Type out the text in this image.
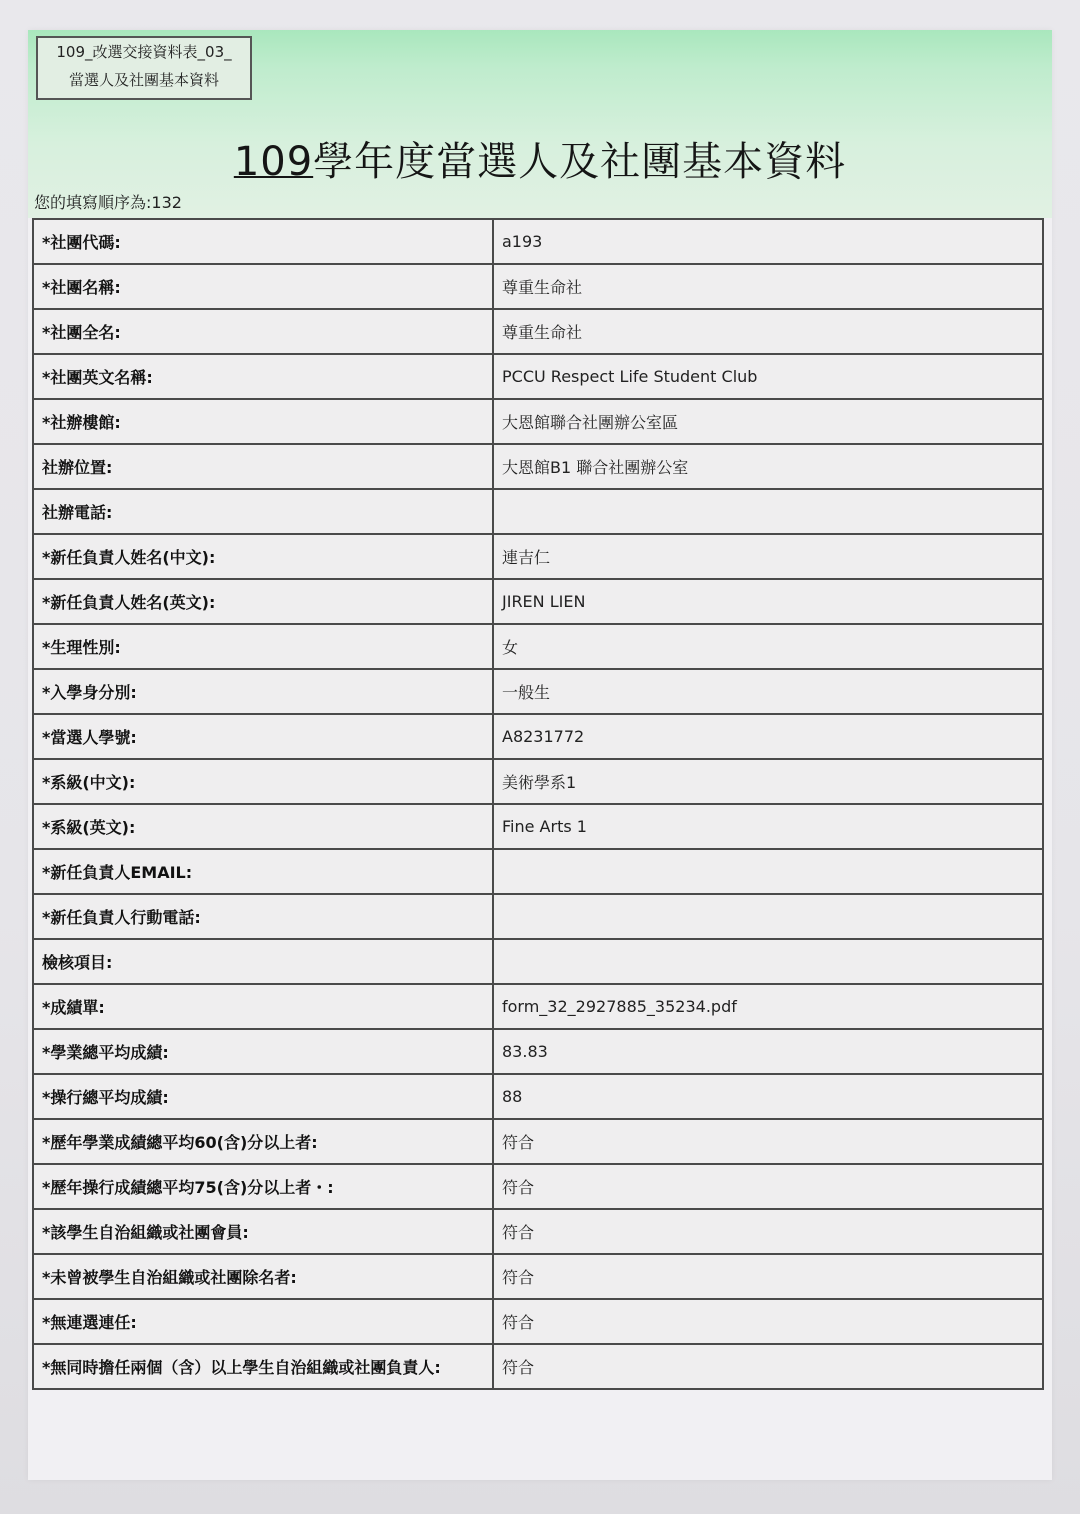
109_改選交接資料表_03_
當選人及社團基本資料
109學年度當選人及社團基本資料
您的填寫順序為:132
*社團代碼:	a193
*社團名稱:	尊重生命社
*社團全名:	尊重生命社
*社團英文名稱:	PCCU Respect Life Student Club
*社辦樓館:	大恩館聯合社團辦公室區
社辦位置:	大恩館B1 聯合社團辦公室
社辦電話:	
*新任負責人姓名(中文):	連吉仁
*新任負責人姓名(英文):	JIREN LIEN
*生理性別:	女
*入學身分別:	一般生
*當選人學號:	A8231772
*系級(中文):	美術學系1
*系級(英文):	Fine Arts 1
*新任負責人EMAIL:	
*新任負責人行動電話:	
檢核項目:	
*成績單:	form_32_2927885_35234.pdf
*學業總平均成績:	83.83
*操行總平均成績:	88
*歷年學業成績總平均60(含)分以上者:	符合
*歷年操行成績總平均75(含)分以上者・:	符合
*該學生自治組織或社團會員:	符合
*未曾被學生自治組織或社團除名者:	符合
*無連選連任:	符合
*無同時擔任兩個（含）以上學生自治組織或社團負責人:	符合
